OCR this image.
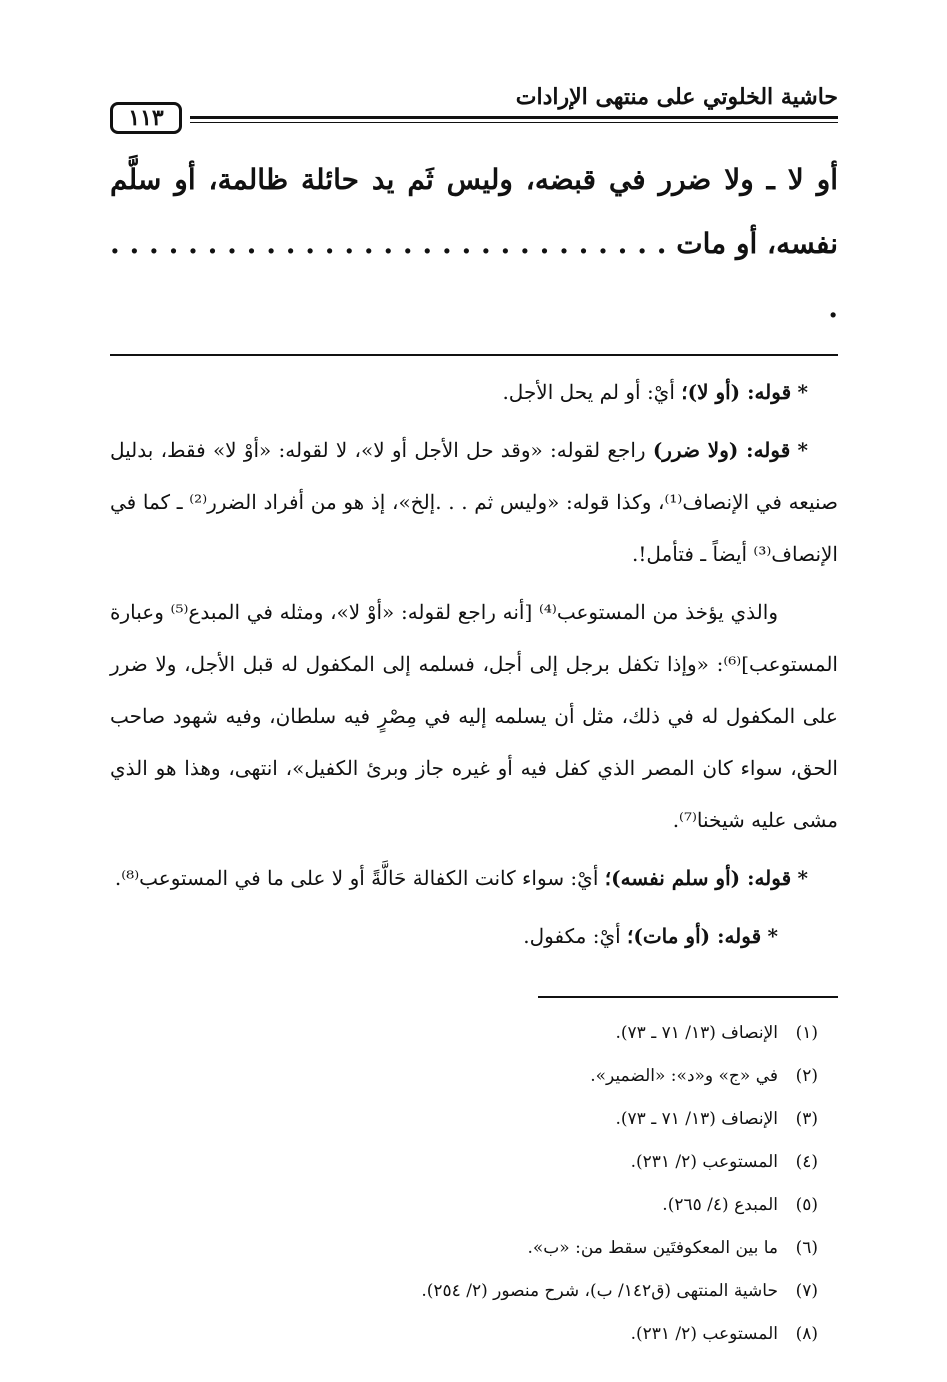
حاشية الخلوتي على منتهى الإرادات
١١٣
أو لا ـ ولا ضرر في قبضه، وليس ثَم يد حائلة ظالمة، أو سلَّم نفسه، أو مات . . . . . . . . . . . . . . . . . . . . . . . . . . . . . .

* قوله: (أو لا)؛ أيْ: أو لم يحل الأجل.

* قوله: (ولا ضرر) راجع لقوله: «وقد حل الأجل أو لا»، لا لقوله: «أوْ لا» فقط، بدليل صنيعه في الإنصاف⁽¹⁾، وكذا قوله: «وليس ثم . . .إلخ»، إذ هو من أفراد الضرر⁽²⁾ ـ كما في الإنصاف⁽³⁾ أيضاً ـ فتأمل!.

والذي يؤخذ من المستوعب⁽⁴⁾ [أنه راجع لقوله: «أوْ لا»، ومثله في المبدع⁽⁵⁾ وعبارة المستوعب]⁽⁶⁾: «وإذا تكفل برجل إلى أجل، فسلمه إلى المكفول له قبل الأجل، ولا ضرر على المكفول له في ذلك، مثل أن يسلمه إليه في مِصْرٍ فيه سلطان، وفيه شهود صاحب الحق، سواء كان المصر الذي كفل فيه أو غيره جاز وبرئ الكفيل»، انتهى، وهذا هو الذي مشى عليه شيخنا⁽⁷⁾.

* قوله: (أو سلم نفسه)؛ أيْ: سواء كانت الكفالة حَالَّةً أو لا على ما في المستوعب⁽⁸⁾.

* قوله: (أو مات)؛ أيْ: مكفول.

(١)الإنصاف (١٣/ ٧١ ـ ٧٣).
(٢)في «ج» و«د»: «الضمير».
(٣)الإنصاف (١٣/ ٧١ ـ ٧٣).
(٤)المستوعب (٢/ ٢٣١).
(٥)المبدع (٤/ ٢٦٥).
(٦)ما بين المعكوفتَين سقط من: «ب».
(٧)حاشية المنتهى (ق١٤٢/ ب)، شرح منصور (٢/ ٢٥٤).
(٨)المستوعب (٢/ ٢٣١).
